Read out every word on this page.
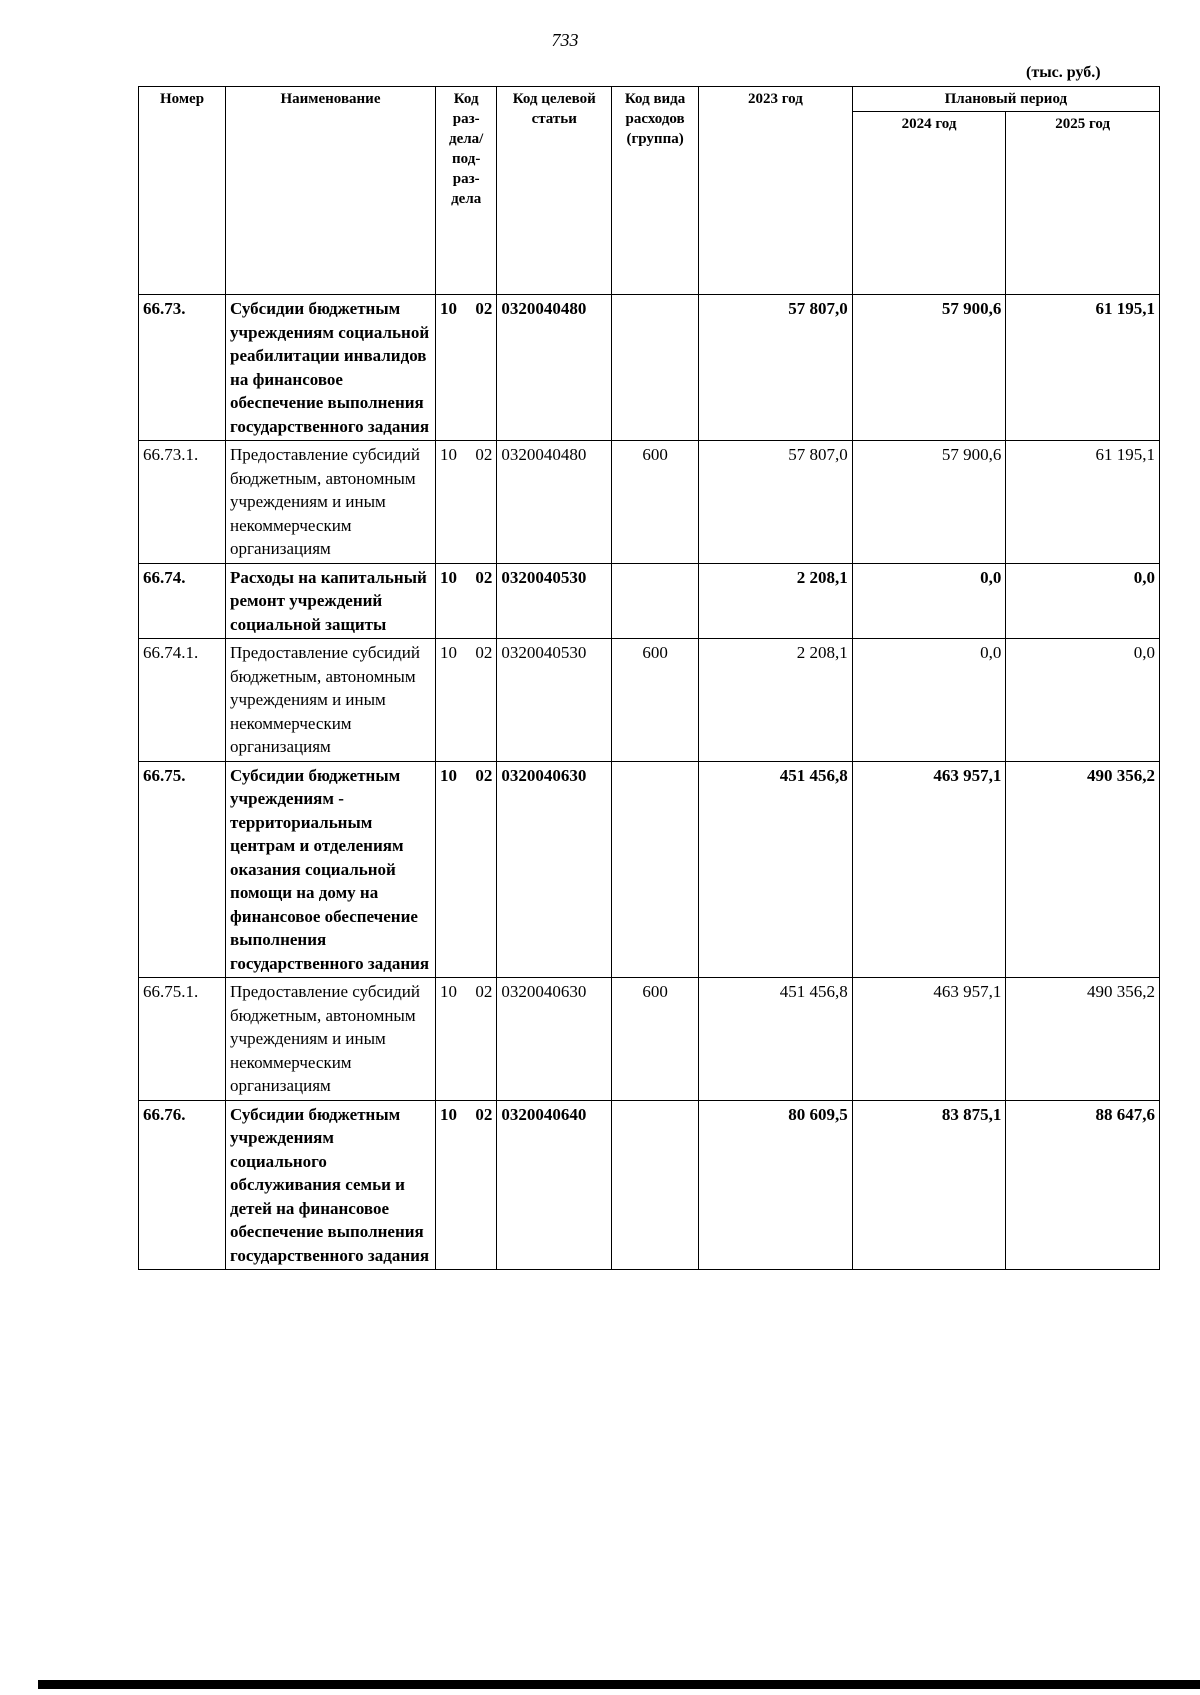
733
(тыс. руб.)
Номер	Наименование	Код раз-дела/ под-раз-дела	Код целевой статьи	Код вида расходов (группа)	2023 год	Плановый период	
						2024 год	2025 год
66.73.	Субсидии бюджетным учреждениям социальной реабилитации инвалидов на финансовое обеспечение выполнения государственного задания	10 02	0320040480		57 807,0	57 900,6	61 195,1
66.73.1.	Предоставление субсидий бюджетным, автономным учреждениям и иным некоммерческим организациям	10 02	0320040480	600	57 807,0	57 900,6	61 195,1
66.74.	Расходы на капитальный ремонт учреждений социальной защиты	10 02	0320040530		2 208,1	0,0	0,0
66.74.1.	Предоставление субсидий бюджетным, автономным учреждениям и иным некоммерческим организациям	10 02	0320040530	600	2 208,1	0,0	0,0
66.75.	Субсидии бюджетным учреждениям - территориальным центрам и отделениям оказания социальной помощи на дому на финансовое обеспечение выполнения государственного задания	10 02	0320040630		451 456,8	463 957,1	490 356,2
66.75.1.	Предоставление субсидий бюджетным, автономным учреждениям и иным некоммерческим организациям	10 02	0320040630	600	451 456,8	463 957,1	490 356,2
66.76.	Субсидии бюджетным учреждениям социального обслуживания семьи и детей на финансовое обеспечение выполнения государственного задания	10 02	0320040640		80 609,5	83 875,1	88 647,6
